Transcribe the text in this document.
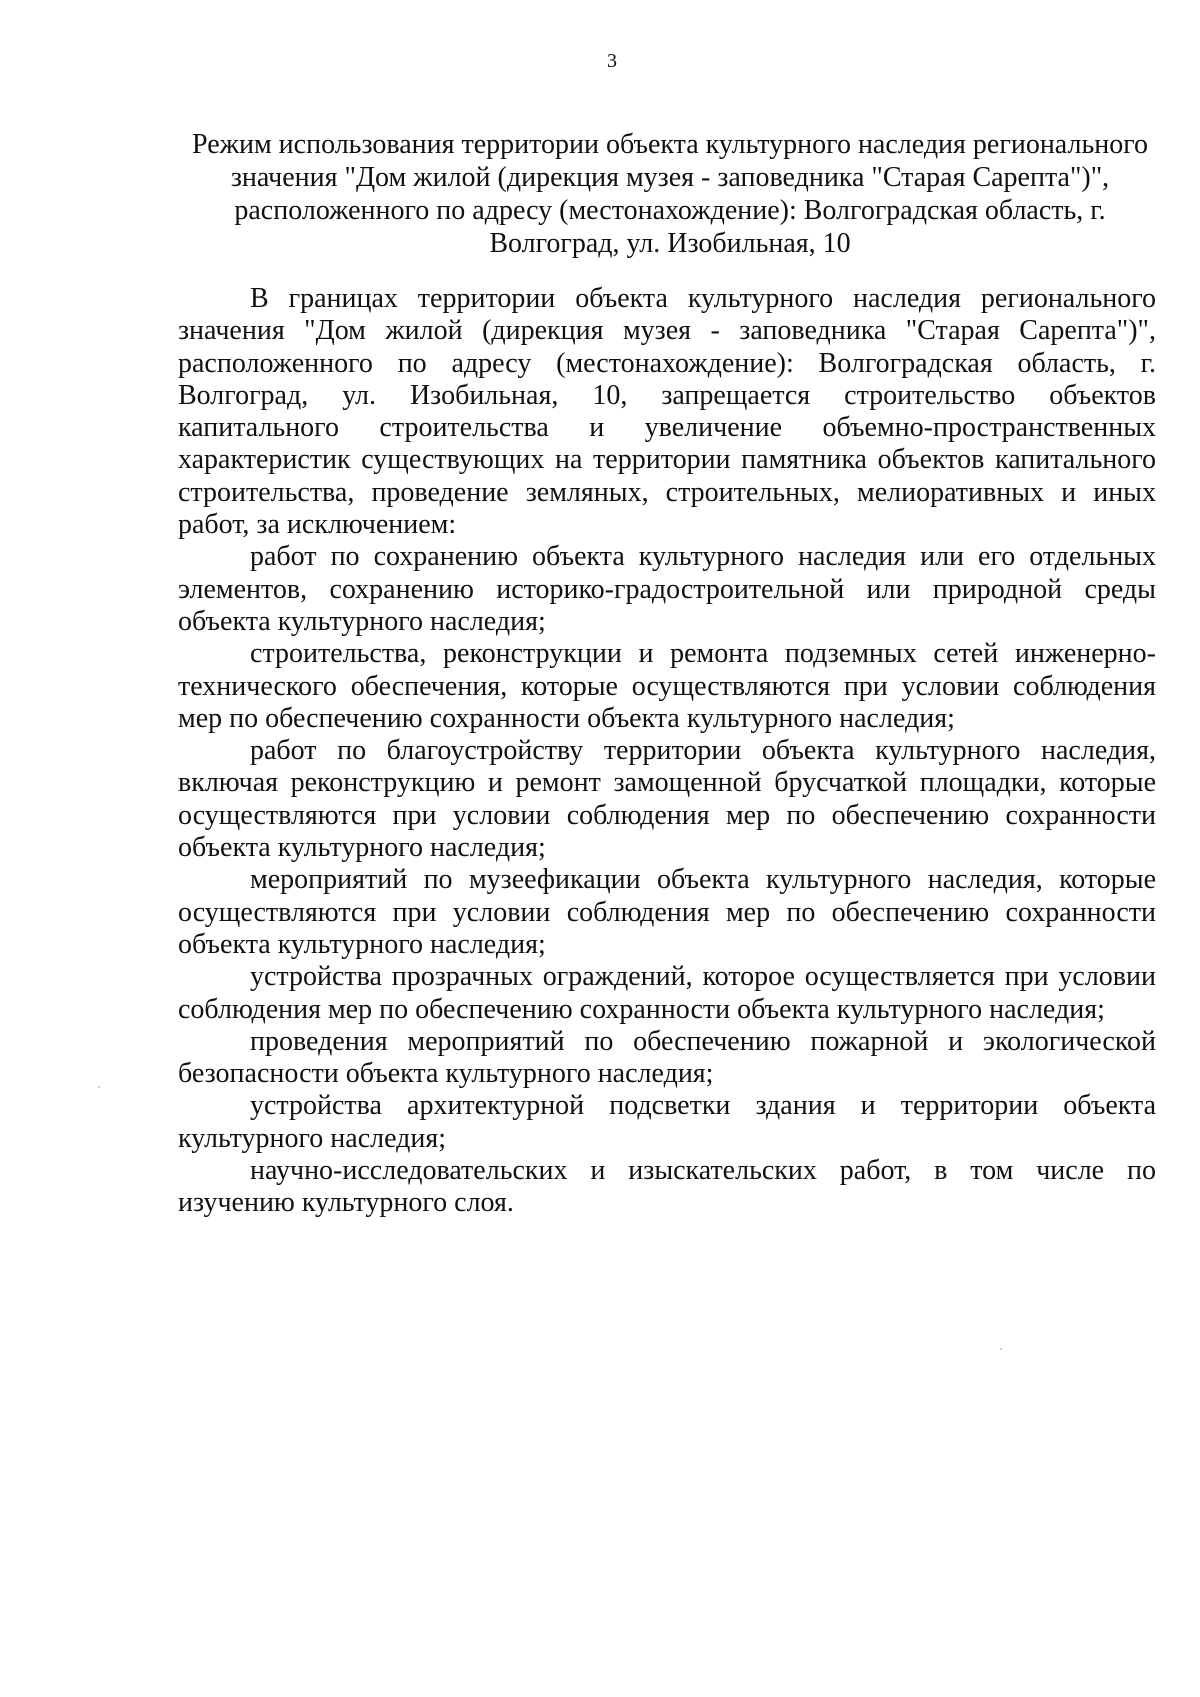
3
Режим использования территории объекта культурного наследия регионального значения "Дом жилой (дирекция музея - заповедника "Старая Сарепта")", расположенного по адресу (местонахождение): Волгоградская область, г. Волгоград, ул. Изобильная, 10

В границах территории объекта культурного наследия регионального значения "Дом жилой (дирекция музея - заповедника "Старая Сарепта")", расположенного по адресу (местонахождение): Волгоградская область, г. Волгоград, ул. Изобильная, 10, запрещается строительство объектов капитального строительства и увеличение объемно-пространственных характеристик существующих на территории памятника объектов капитального строительства, проведение земляных, строительных, мелиоративных и иных работ, за исключением:

работ по сохранению объекта культурного наследия или его отдельных элементов, сохранению историко-градостроительной или природной среды объекта культурного наследия;

строительства, реконструкции и ремонта подземных сетей инженерно-технического обеспечения, которые осуществляются при условии соблюдения мер по обеспечению сохранности объекта культурного наследия;

работ по благоустройству территории объекта культурного наследия, включая реконструкцию и ремонт замощенной брусчаткой площадки, которые осуществляются при условии соблюдения мер по обеспечению сохранности объекта культурного наследия;

мероприятий по музеефикации объекта культурного наследия, которые осуществляются при условии соблюдения мер по обеспечению сохранности объекта культурного наследия;

устройства прозрачных ограждений, которое осуществляется при условии соблюдения мер по обеспечению сохранности объекта культурного наследия;

проведения мероприятий по обеспечению пожарной и экологической безопасности объекта культурного наследия;

устройства архитектурной подсветки здания и территории объекта культурного наследия;

научно-исследовательских и изыскательских работ, в том числе по изучению культурного слоя.
